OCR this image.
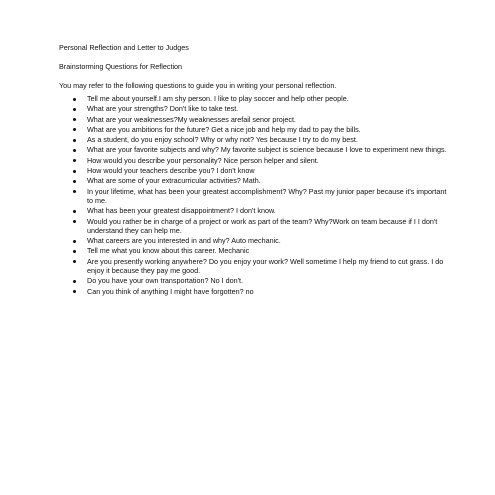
Personal Reflection and Letter to Judges

Brainstorming Questions for Reflection

You may refer to the following questions to guide you in writing your personal reflection.

Tell me about yourself.I am shy person. I like to play soccer and help other people.
What are your strengths? Don't like to take test.
What are your weaknesses?My weaknesses arefail senor project.
What are you ambitions for the future? Get a nice job and help my dad to pay the bills.
As a student, do you enjoy school? Why or why not? Yes because I try to do my best.
What are your favorite subjects and why? My favorite subject is science because I love to experiment new things.
How would you describe your personality? Nice person helper and silent.
How would your teachers describe you? I don't know
What are some of your extracurricular activities? Math.
In your lifetime, what has been your greatest accomplishment? Why? Past my junior paper because it's important to me.
What has been your greatest disappointment? I don't know.
Would you rather be in charge of a project or work as part of the team? Why?Work on team because if I I don't understand they can help me.
What careers are you interested in and why? Auto mechanic.
Tell me what you know about this career. Mechanic
Are you presently working anywhere? Do you enjoy your work? Well sometime I help my friend to cut grass. I do enjoy it because they pay me good.
Do you have your own transportation? No I don't.
Can you think of anything I might have forgotten? no
